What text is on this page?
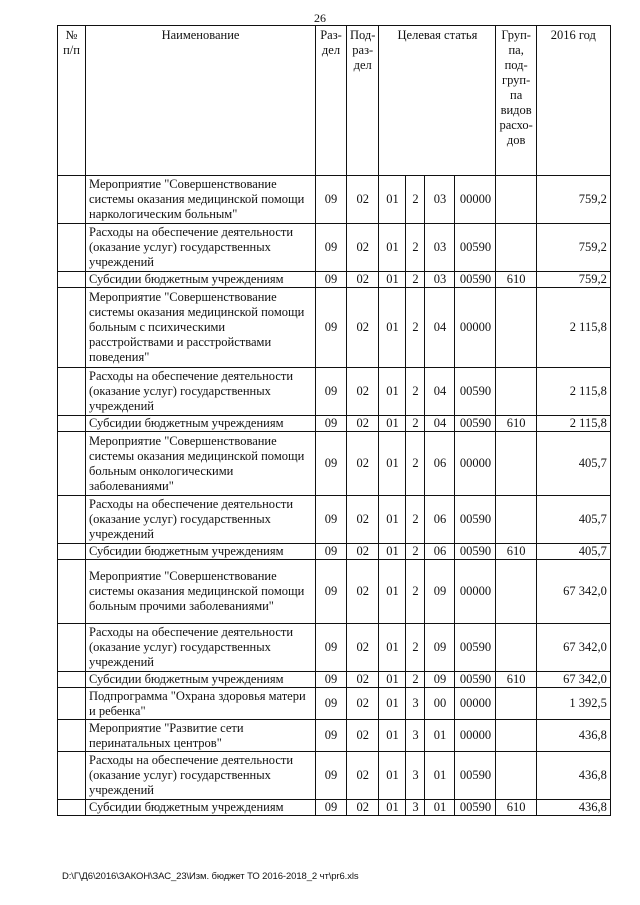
26
№ п/п	Наименование	Раз- дел	Под- раз- дел	Целевая статья				Груп- па, под- груп- па видов расхо- дов	2016 год
	Мероприятие "Совершенствование системы оказания медицинской помощи наркологическим больным"	09	02	01	2	03	00000		759,2
	Расходы на обеспечение деятельности (оказание услуг) государственных учреждений	09	02	01	2	03	00590		759,2
	Субсидии бюджетным учреждениям	09	02	01	2	03	00590	610	759,2
	Мероприятие "Совершенствование системы оказания медицинской помощи больным с психическими расстройствами и расстройствами поведения"	09	02	01	2	04	00000		2 115,8
	Расходы на обеспечение деятельности (оказание услуг) государственных учреждений	09	02	01	2	04	00590		2 115,8
	Субсидии бюджетным учреждениям	09	02	01	2	04	00590	610	2 115,8
	Мероприятие "Совершенствование системы оказания медицинской помощи больным онкологическими заболеваниями"	09	02	01	2	06	00000		405,7
	Расходы на обеспечение деятельности (оказание услуг) государственных учреждений	09	02	01	2	06	00590		405,7
	Субсидии бюджетным учреждениям	09	02	01	2	06	00590	610	405,7
	Мероприятие "Совершенствование системы оказания медицинской помощи больным прочими заболеваниями"	09	02	01	2	09	00000		67 342,0
	Расходы на обеспечение деятельности (оказание услуг) государственных учреждений	09	02	01	2	09	00590		67 342,0
	Субсидии бюджетным учреждениям	09	02	01	2	09	00590	610	67 342,0
	Подпрограмма "Охрана здоровья матери и ребенка"	09	02	01	3	00	00000		1 392,5
	Мероприятие "Развитие сети перинатальных центров"	09	02	01	3	01	00000		436,8
	Расходы на обеспечение деятельности (оказание услуг) государственных учреждений	09	02	01	3	01	00590		436,8
	Субсидии бюджетным учреждениям	09	02	01	3	01	00590	610	436,8
D:\Г\Д6\2016\ЗАКОН\ЗАС_23\Изм. бюджет ТО 2016-2018_2 чт\pr6.xls
